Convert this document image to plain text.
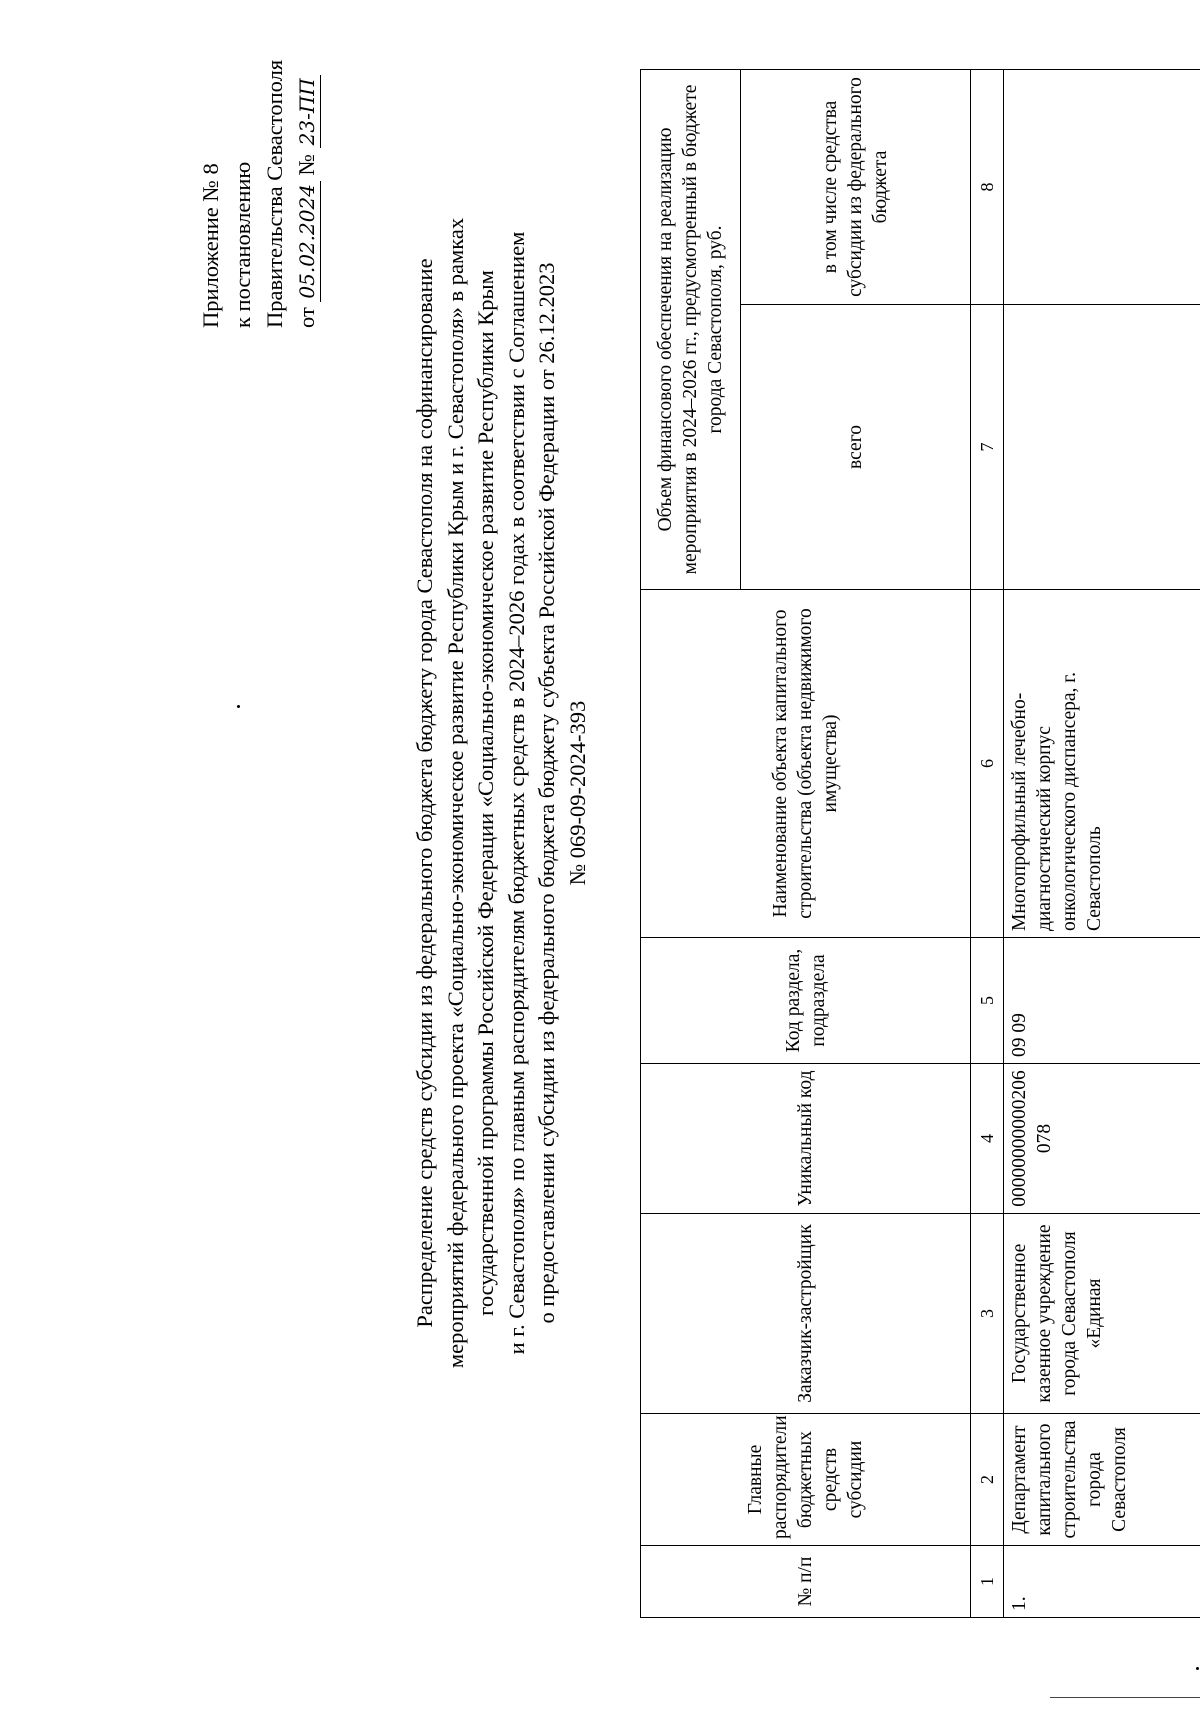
Приложение № 8 к постановлению Правительства Севастополя от 05.02.2024 № 23-ПП
Распределение средств субсидии из федерального бюджета бюджету города Севастополя на софинансирование мероприятий федерального проекта «Социально-экономическое развитие Республики Крым и г. Севастополя» в рамках государственной программы Российской Федерации «Социально-экономическое развитие Республики Крым и г. Севастополя» по главным распорядителям бюджетных средств в 2024–2026 годах в соответствии с Соглашением о предоставлении субсидии из федерального бюджета бюджету субъекта Российской Федерации от 26.12.2023 № 069-09-2024-393
№ п/п	Главные распорядители бюджетных средств субсидии	Заказчик-застройщик	Уникальный код	Код раздела, подраздела	Наименование объекта капитального строительства (объекта недвижимого имущества)	Объем финансового обеспечения на реализацию мероприятия в 2024–2026 гг., предусмотренный в бюджете города Севастополя, руб.	
						всего	в том числе средства субсидии из федерального бюджета
1	2	3	4	5	6	7	8
1.	Департамент капитального строительства города Севастополя	Государственное казенное учреждение города Севастополя «Единая	00000000000206078	09 09	Многопрофильный лечебно-диагностический корпус онкологического диспансера, г. Севастополь		
